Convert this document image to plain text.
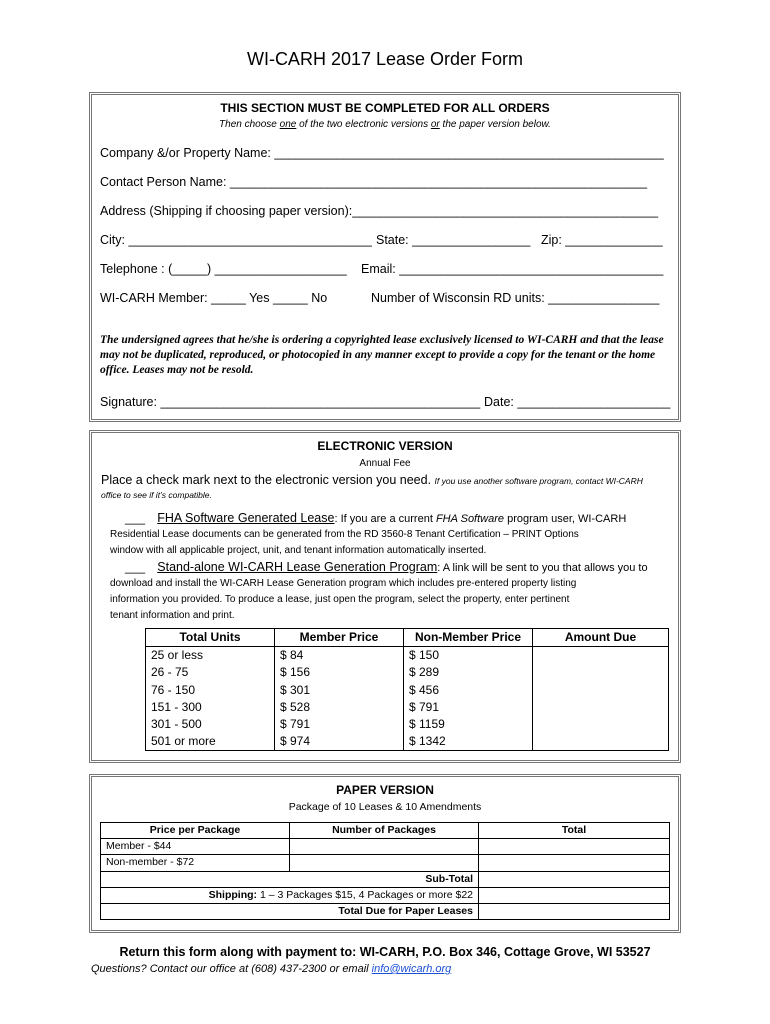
WI-CARH 2017 Lease Order Form
THIS SECTION MUST BE COMPLETED FOR ALL ORDERS
Then choose one of the two electronic versions or the paper version below.
Company &/or Property Name: ________________________________________________________
Contact Person Name: ____________________________________________________________
Address (Shipping if choosing paper version):____________________________________________
City: ___________________________________ State: _________________ Zip: ______________
Telephone : (_____) ___________________ Email: ______________________________________
WI-CARH Member: _____ Yes _____ No	Number of Wisconsin RD units: ________________
The undersigned agrees that he/she is ordering a copyrighted lease exclusively licensed to WI-CARH and that the lease may not be duplicated, reproduced, or photocopied in any manner except to provide a copy for the tenant or the home office. Leases may not be resold.
Signature: ______________________________________________ Date: ______________________
ELECTRONIC VERSION
Annual Fee
Place a check mark next to the electronic version you need. If you use another software program, contact WI-CARH
office to see if it’s compatible.
___ FHA Software Generated Lease: If you are a current FHA Software program user, WI-CARH
Residential Lease documents can be generated from the RD 3560-8 Tenant Certification – PRINT Options
window with all applicable project, unit, and tenant information automatically inserted.
___ Stand-alone WI-CARH Lease Generation Program: A link will be sent to you that allows you to
download and install the WI-CARH Lease Generation program which includes pre-entered property listing
information you provided. To produce a lease, just open the program, select the property, enter pertinent
tenant information and print.
Total Units	Member Price	Non-Member Price	Amount Due
25 or less	$ 84	$ 150	
26 - 75	$ 156	$ 289	
76 - 150	$ 301	$ 456	
151 - 300	$ 528	$ 791	
301 - 500	$ 791	$ 1159	
501 or more	$ 974	$ 1342	
PAPER VERSION
Package of 10 Leases & 10 Amendments
Price per Package	Number of Packages	Total
Member - $44		
Non-member - $72		
Sub-Total		
Shipping: 1 – 3 Packages $15, 4 Packages or more $22		
Total Due for Paper Leases		
Return this form along with payment to: WI-CARH, P.O. Box 346, Cottage Grove, WI 53527
Questions? Contact our office at (608) 437-2300 or email info@wicarh.org
